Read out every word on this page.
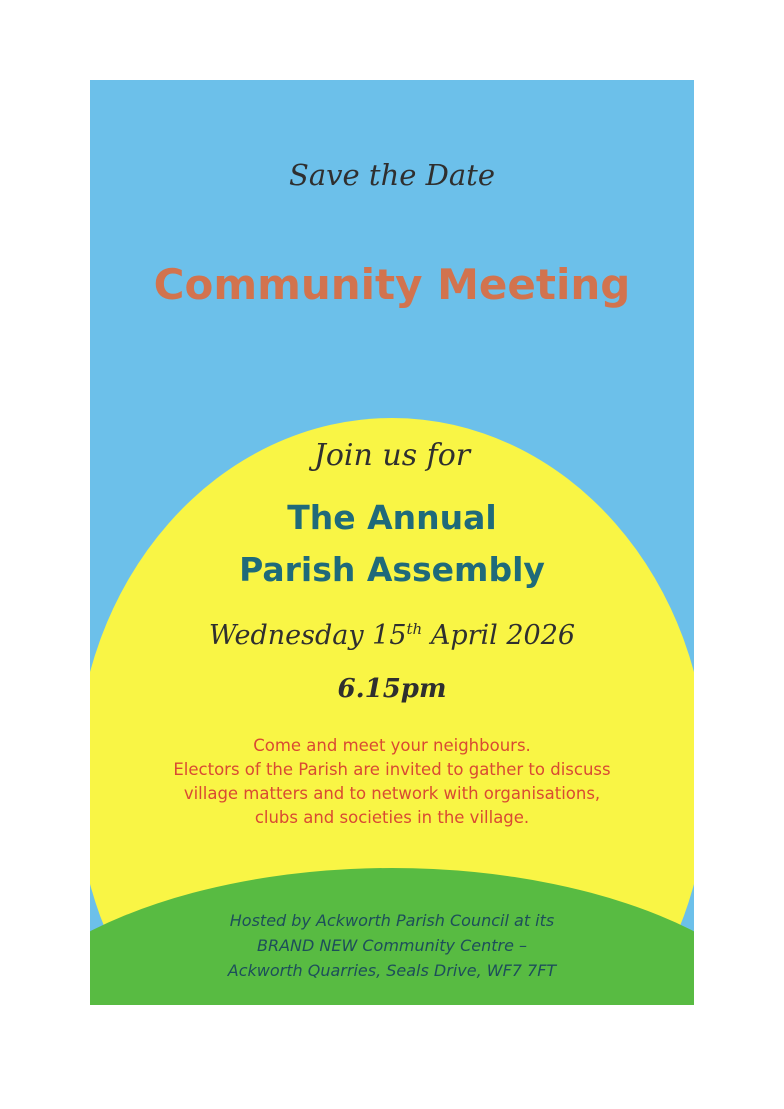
Save the Date

Community Meeting

Join us for

The Annual
Parish Assembly

Wednesday 15th April 2026

6.15pm

Come and meet your neighbours.
Electors of the Parish are invited to gather to discuss
village matters and to network with organisations,
clubs and societies in the village.
Hosted by Ackworth Parish Council at its
BRAND NEW Community Centre –
Ackworth Quarries, Seals Drive, WF7 7FT
